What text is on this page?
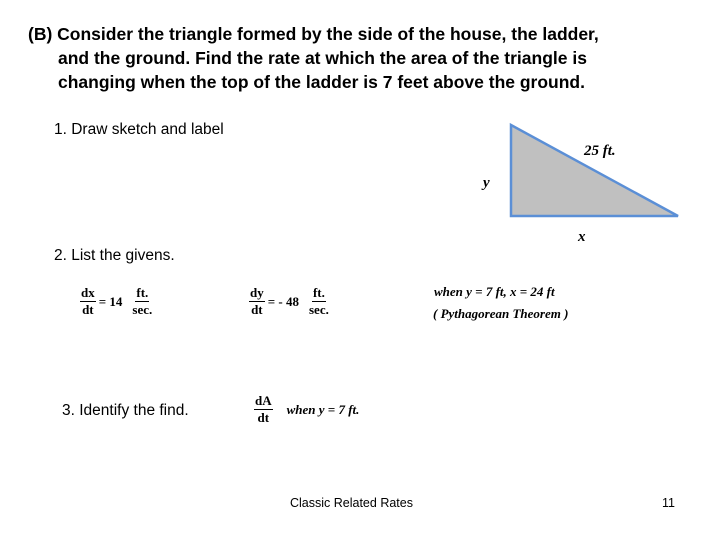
(B) Consider the triangle formed by the side of the house, the ladder,
and the ground. Find the rate at which the area of the triangle is
changing when the top of the ladder is 7 feet above the ground.
1. Draw sketch and label
25 ft.
y
x
2. List the givens.
$\frac{dx}{dt} = 14 \frac{ft.}{\sec.}$	$\frac{dy}{dt}$ = - $48 \frac{ft.}{\sec.}$	when y = 7 ft, x = 24 ft
( Pythagorean Theorem )
3. Identify the find.	$\frac{dA}{dt}$ when y = 7 ft.
Classic Related Rates	11
